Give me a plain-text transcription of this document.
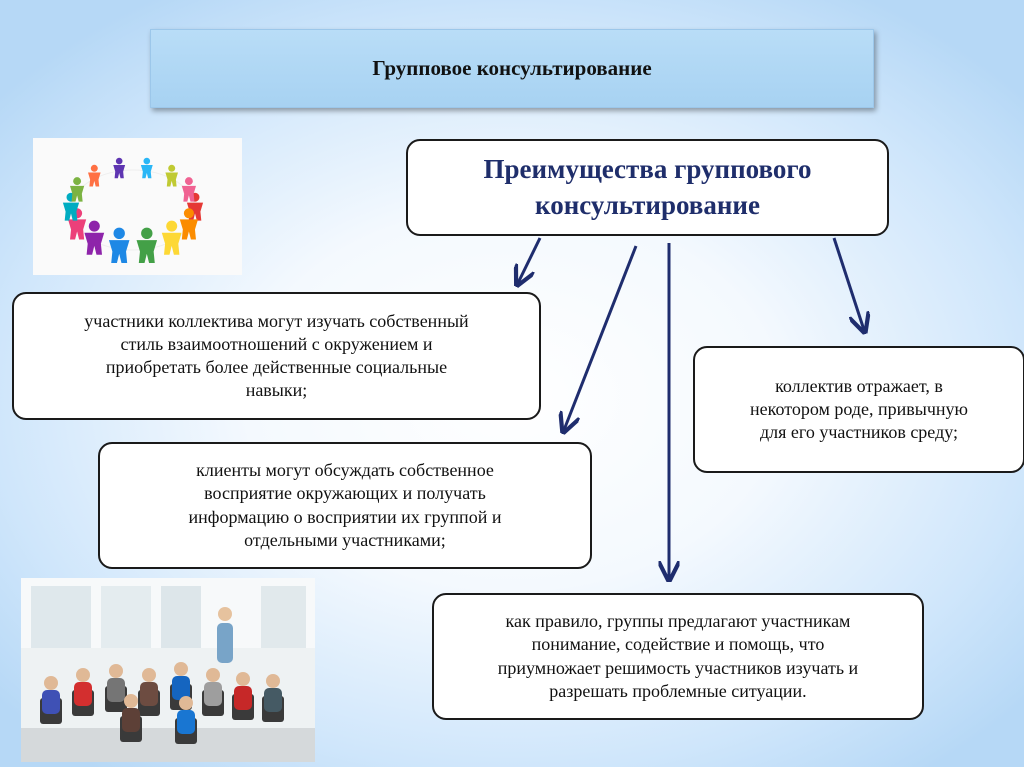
Групповое консультирование
Преимущества группового
консультирование
участники коллектива могут изучать собственный
стиль взаимоотношений с окружением и
приобретать более действенные социальные
навыки;
клиенты могут обсуждать собственное
восприятие окружающих и получать
информацию о восприятии их группой и
отдельными участниками;
коллектив отражает, в
некотором роде, привычную
для его участников среду;
как правило, группы предлагают участникам
понимание, содействие и помощь, что
приумножает решимость участников изучать и
разрешать проблемные ситуации.
